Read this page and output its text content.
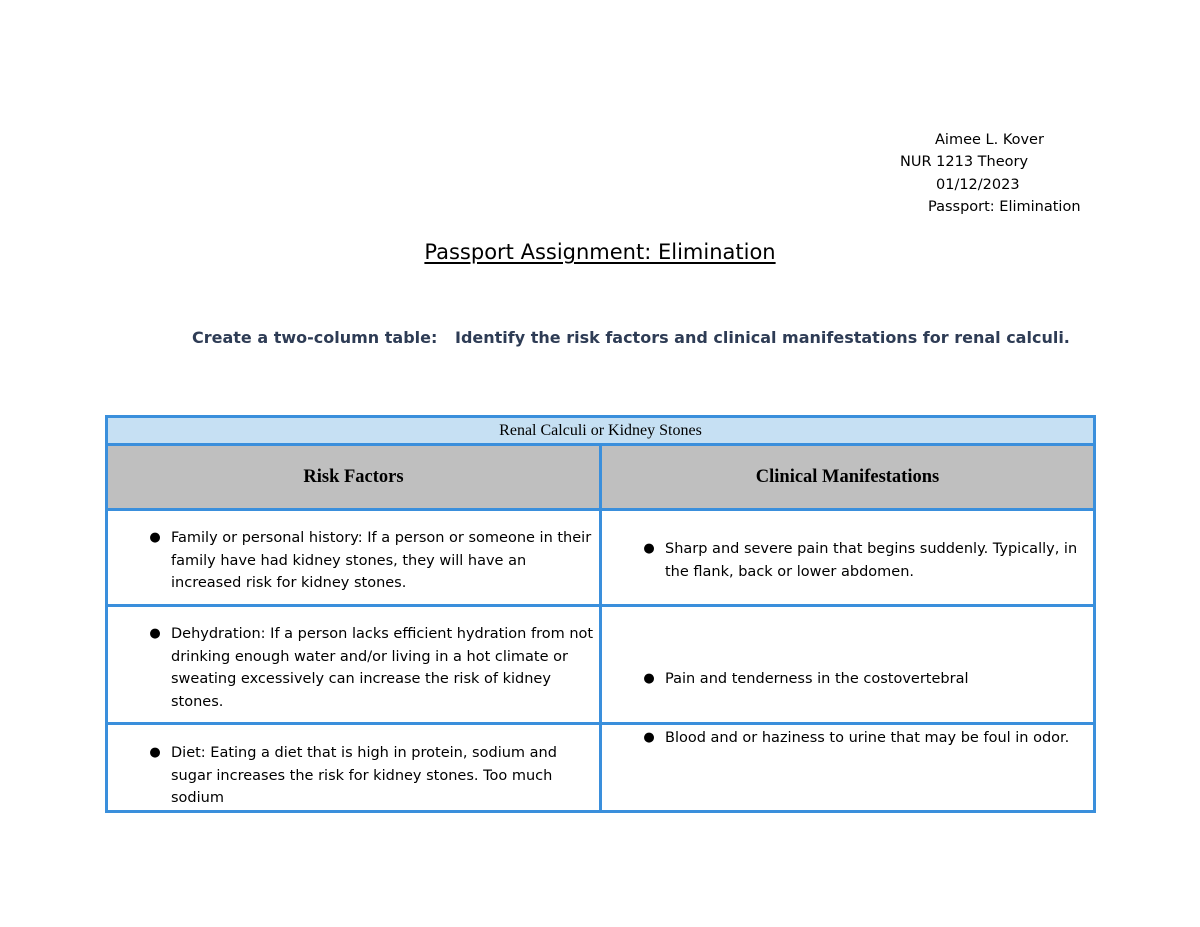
Aimee L. Kover
NUR 1213 Theory
01/12/2023
Passport: Elimination
Passport Assignment: Elimination
Create a two-column table: Identify the risk factors and clinical manifestations for renal calculi.
Renal Calculi or Kidney Stones	
Risk Factors	Clinical Manifestations

● Family or personal history: If a person or someone in their family have had kidney stones, they will have an increased risk for kidney stones.	● Sharp and severe pain that begins suddenly. Typically, in the flank, back or lower abdomen.

● Dehydration: If a person lacks efficient hydration from not drinking enough water and/or living in a hot climate or sweating excessively can increase the risk of kidney stones.	● Pain and tenderness in the costovertebral

● Diet: Eating a diet that is high in protein, sodium and sugar increases the risk for kidney stones. Too much sodium	● Blood and or haziness to urine that may be foul in odor.
